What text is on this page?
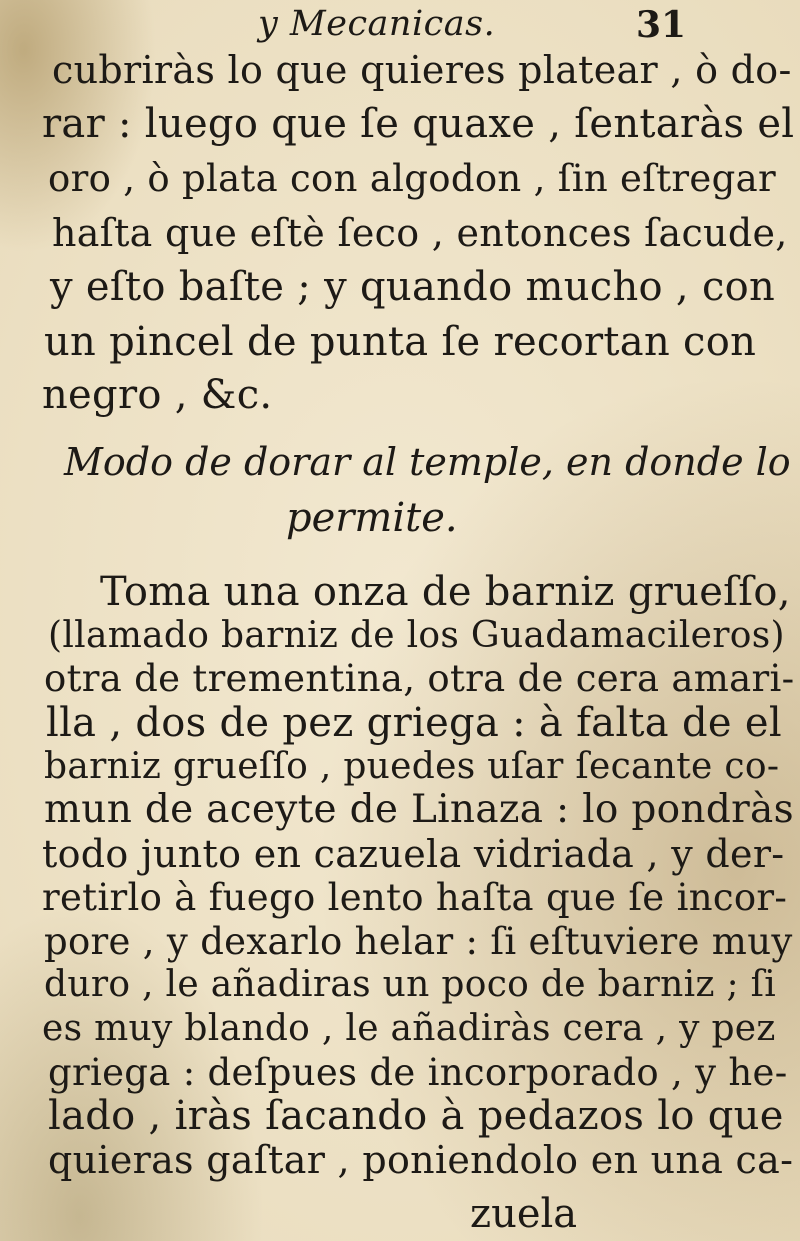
y Mecanicas.	31
cubriràs lo que quieres platear , ò do-
rar : luego que ſe quaxe , ſentaràs el
oro , ò plata con algodon , ſin eſtregar
haſta que eſtè ſeco , entonces ſacude,
y eſto baſte ; y quando mucho , con
un pincel de punta ſe recortan con
negro , &c.
Modo de dorar al temple, en donde lo
permite.
Toma una onza de barniz grueſſo,
(llamado barniz de los Guadamacileros)
otra de trementina, otra de cera amari-
lla , dos de pez griega : à falta de el
barniz grueſſo , puedes uſar ſecante co-
mun de aceyte de Linaza : lo pondràs
todo junto en cazuela vidriada , y der-
retirlo à fuego lento haſta que ſe incor-
pore , y dexarlo helar : ſi eſtuviere muy
duro , le añadiras un poco de barniz ; ſi
es muy blando , le añadiràs cera , y pez
griega : deſpues de incorporado , y he-
lado , iràs ſacando à pedazos lo que
quieras gaſtar , poniendolo en una ca-
zuela
